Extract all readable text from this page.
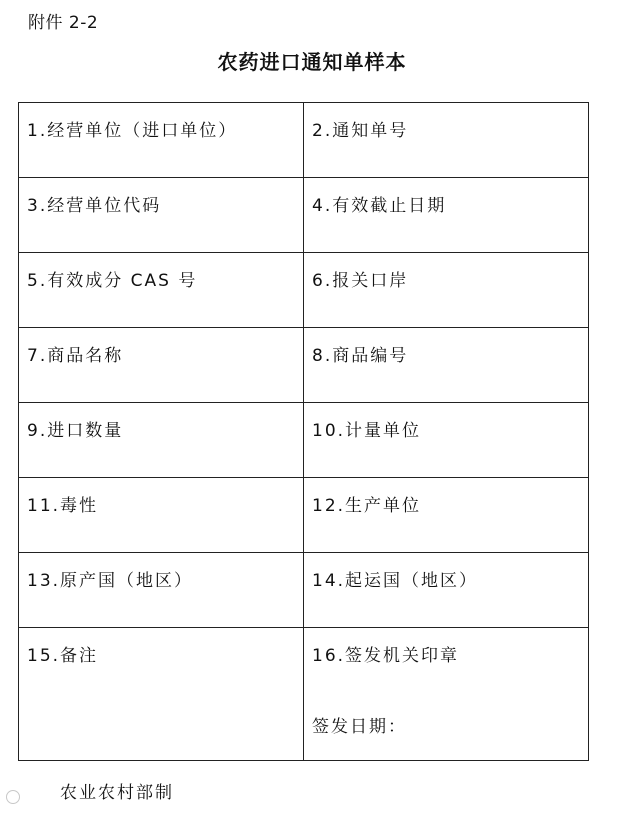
附件 2-2
农药进口通知单样本
1.经营单位（进口单位）	2.通知单号
3.经营单位代码	4.有效截止日期
5.有效成分 CAS 号	6.报关口岸
7.商品名称	8.商品编号
9.进口数量	10.计量单位
11.毒性	12.生产单位
13.原产国（地区）	14.起运国（地区）
15.备注	16.签发机关印章
签发日期：
农业农村部制
